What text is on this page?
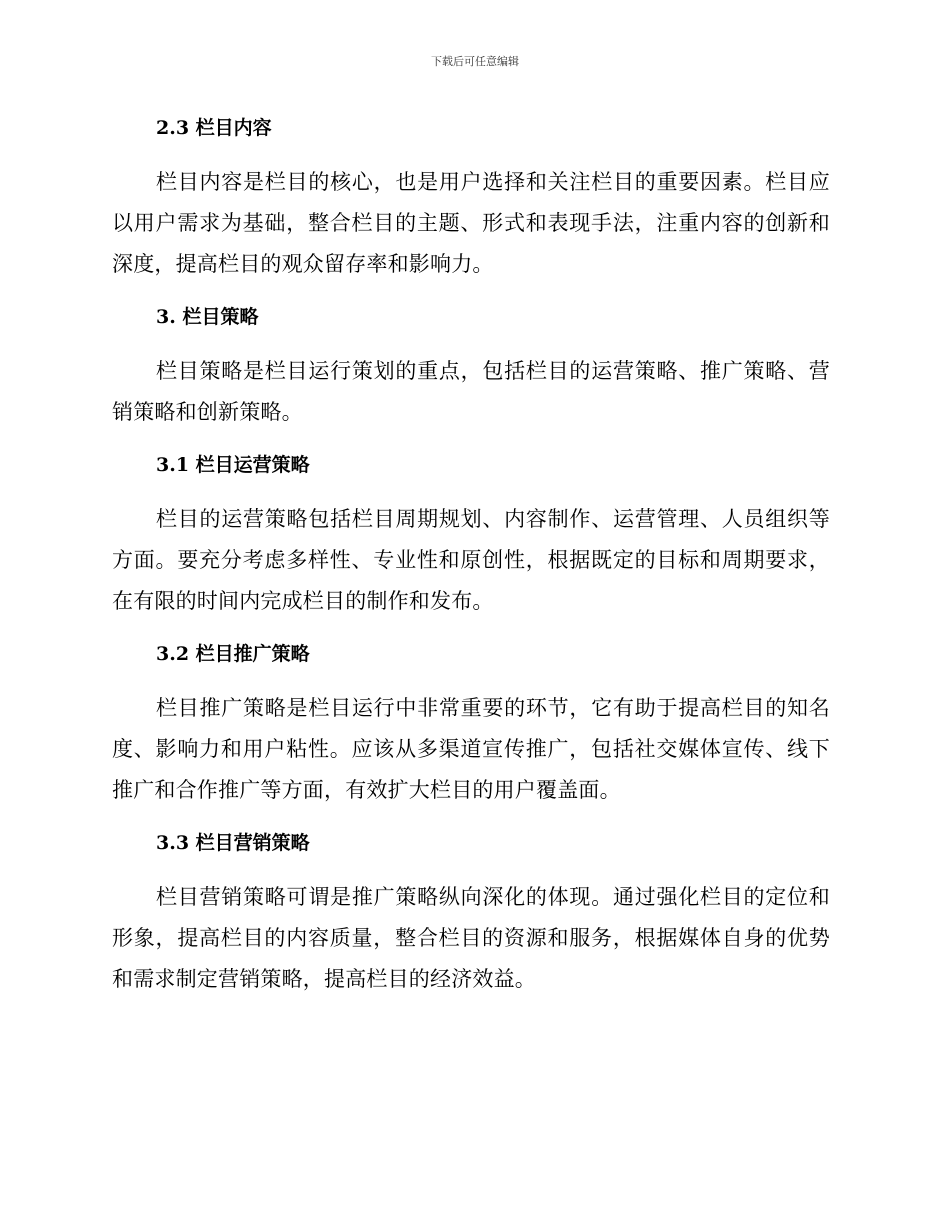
下载后可任意编辑
2.3 栏目内容

栏目内容是栏目的核心，也是用户选择和关注栏目的重要因素。栏目应以用户需求为基础，整合栏目的主题、形式和表现手法，注重内容的创新和深度，提高栏目的观众留存率和影响力。

3. 栏目策略

栏目策略是栏目运行策划的重点，包括栏目的运营策略、推广策略、营销策略和创新策略。

3.1 栏目运营策略

栏目的运营策略包括栏目周期规划、内容制作、运营管理、人员组织等方面。要充分考虑多样性、专业性和原创性，根据既定的目标和周期要求，在有限的时间内完成栏目的制作和发布。

3.2 栏目推广策略

栏目推广策略是栏目运行中非常重要的环节，它有助于提高栏目的知名度、影响力和用户粘性。应该从多渠道宣传推广，包括社交媒体宣传、线下推广和合作推广等方面，有效扩大栏目的用户覆盖面。

3.3 栏目营销策略

栏目营销策略可谓是推广策略纵向深化的体现。通过强化栏目的定位和形象，提高栏目的内容质量，整合栏目的资源和服务，根据媒体自身的优势和需求制定营销策略，提高栏目的经济效益。
